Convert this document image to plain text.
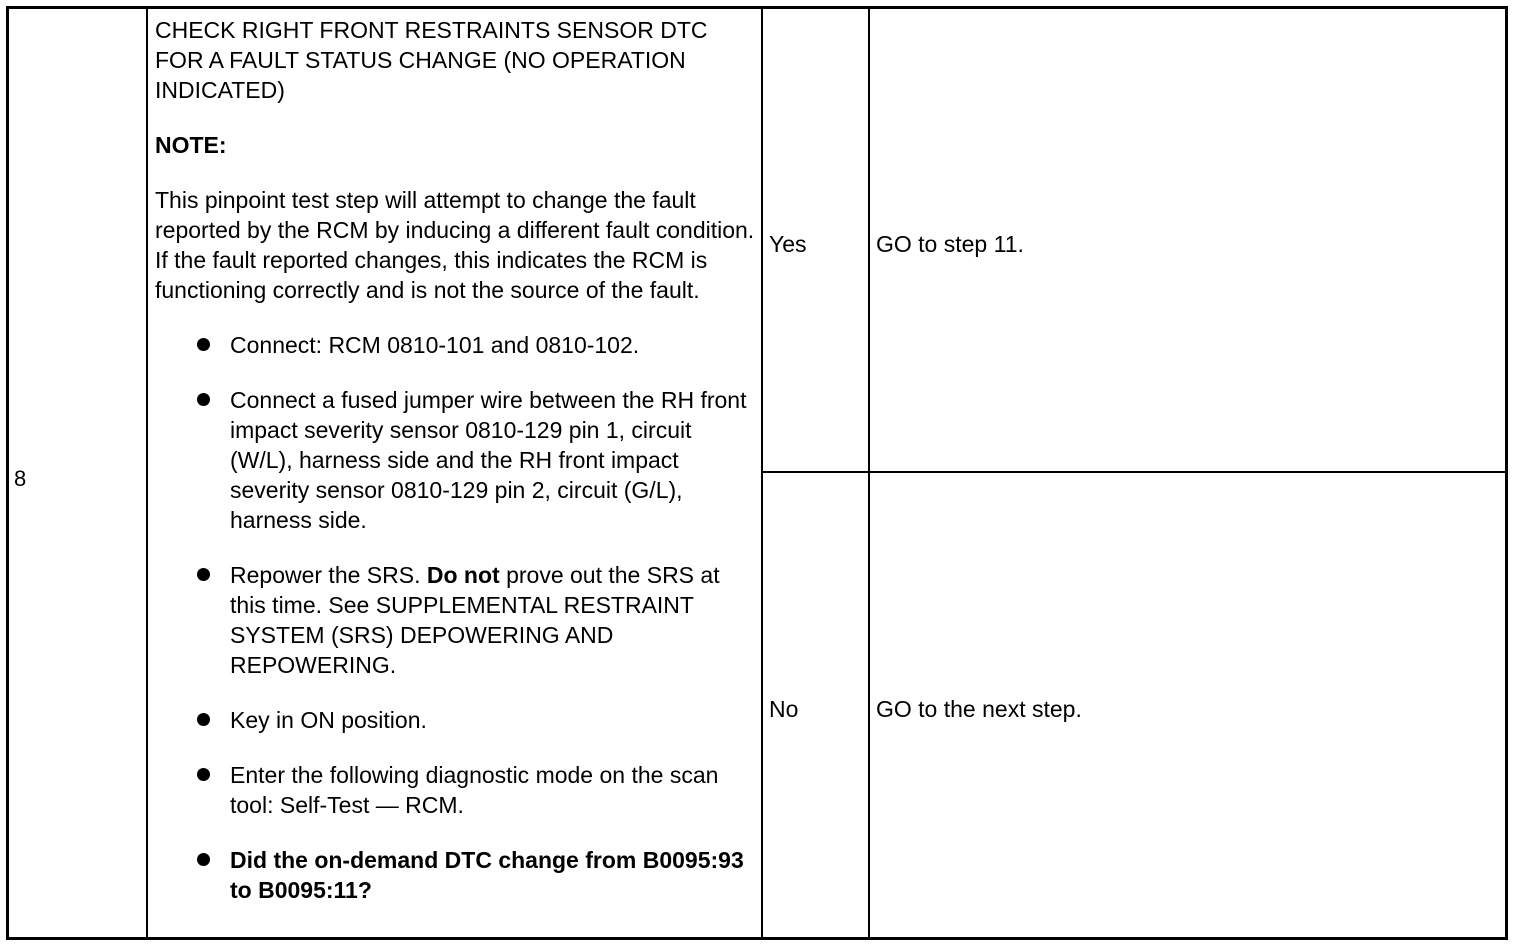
8

CHECK RIGHT FRONT RESTRAINTS SENSOR DTC FOR A FAULT STATUS CHANGE (NO OPERATION INDICATED)

NOTE:

This pinpoint test step will attempt to change the fault reported by the RCM by inducing a different fault condition. If the fault reported changes, this indicates the RCM is functioning correctly and is not the source of the fault.

Connect: RCM 0810-101 and 0810-102.
Connect a fused jumper wire between the RH front impact severity sensor 0810-129 pin 1, circuit (W/L), harness side and the RH front impact severity sensor 0810-129 pin 2, circuit (G/L), harness side.
Repower the SRS. Do not prove out the SRS at this time. See SUPPLEMENTAL RESTRAINT SYSTEM (SRS) DEPOWERING AND REPOWERING.
Key in ON position.
Enter the following diagnostic mode on the scan tool: Self-Test — RCM.
Did the on-demand DTC change from B0095:93 to B0095:11?
Yes	GO to step 11.
No	GO to the next step.
